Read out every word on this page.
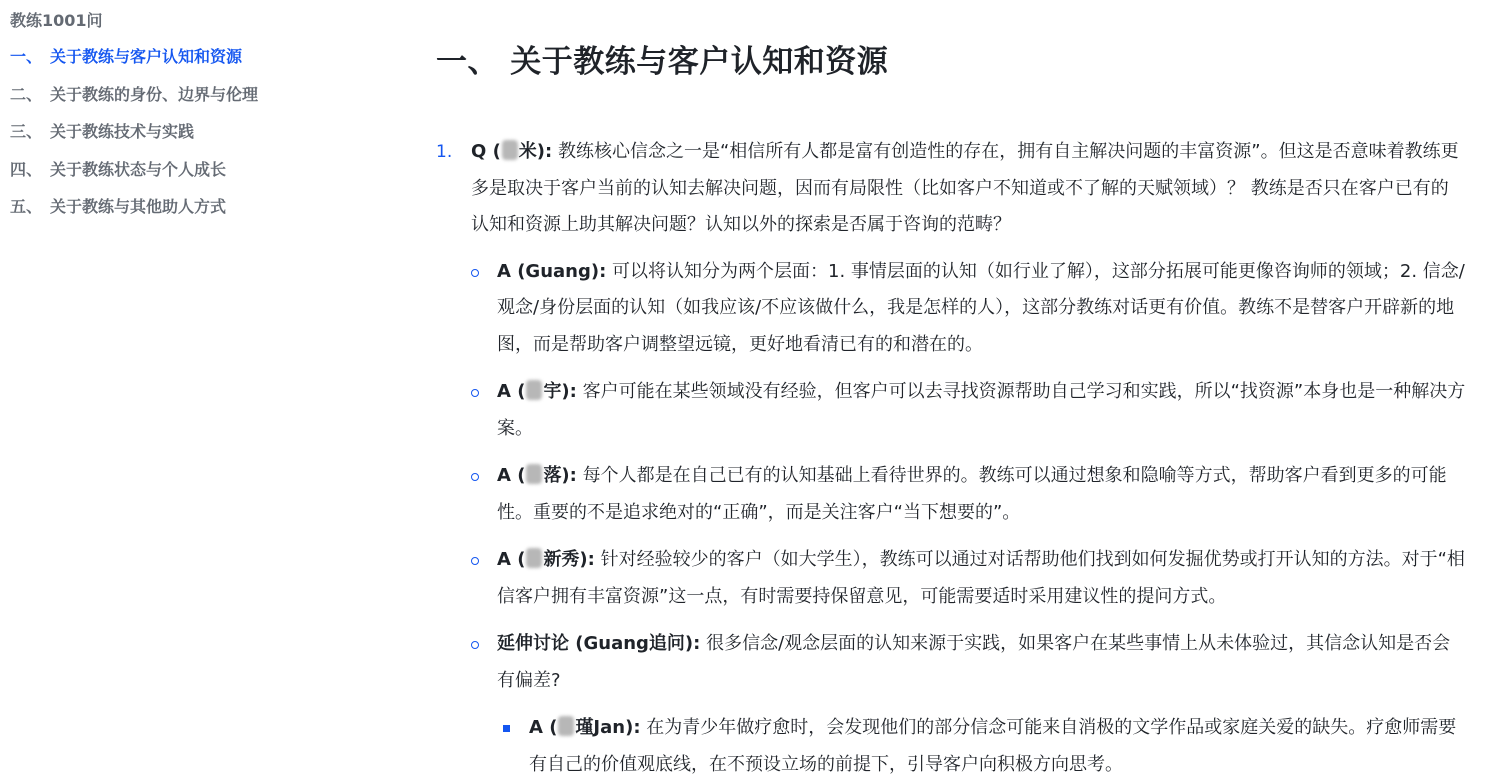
教练1001问
一、 关于教练与客户认知和资源
二、 关于教练的身份、边界与伦理
三、 关于教练技术与实践
四、 关于教练状态与个人成长
五、 关于教练与其他助人方式
一、 关于教练与客户认知和资源
1.	Q ( 米): 教练核心信念之一是“相信所有人都是富有创造性的存在，拥有自主解决问题的丰富资源”。但这是否意味着教练更多是取决于客户当前的认知去解决问题，因而有局限性（比如客户不知道或不了解的天赋领域）？ 教练是否只在客户已有的认知和资源上助其解决问题？认知以外的探索是否属于咨询的范畴？
A (Guang): 可以将认知分为两个层面：1. 事情层面的认知（如行业了解），这部分拓展可能更像咨询师的领域；2. 信念/观念/身份层面的认知（如我应该/不应该做什么，我是怎样的人），这部分教练对话更有价值。教练不是替客户开辟新的地图，而是帮助客户调整望远镜，更好地看清已有的和潜在的。
A ( 宇): 客户可能在某些领域没有经验，但客户可以去寻找资源帮助自己学习和实践，所以“找资源”本身也是一种解决方案。
A ( 落): 每个人都是在自己已有的认知基础上看待世界的。教练可以通过想象和隐喻等方式，帮助客户看到更多的可能性。重要的不是追求绝对的“正确”，而是关注客户“当下想要的”。
A ( 新秀): 针对经验较少的客户（如大学生），教练可以通过对话帮助他们找到如何发掘优势或打开认知的方法。对于“相信客户拥有丰富资源”这一点，有时需要持保留意见，可能需要适时采用建议性的提问方式。
延伸讨论 (Guang追问): 很多信念/观念层面的认知来源于实践，如果客户在某些事情上从未体验过，其信念认知是否会有偏差?
A ( 瑾Jan): 在为青少年做疗愈时，会发现他们的部分信念可能来自消极的文学作品或家庭关爱的缺失。疗愈师需要有自己的价值观底线，在不预设立场的前提下，引导客户向积极方向思考。
